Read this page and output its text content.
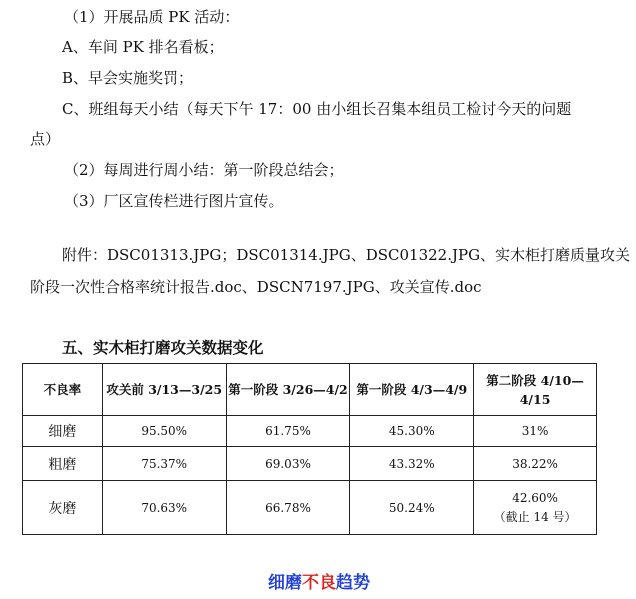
（1）开展品质 PK 活动：
A、车间 PK 排名看板；
B、早会实施奖罚；
C、班组每天小结（每天下午 17：00 由小组长召集本组员工检讨今天的问题
点）
（2）每周进行周小结：第一阶段总结会；
（3）厂区宣传栏进行图片宣传。
附件：DSC01313.JPG；DSC01314.JPG、DSC01322.JPG、实木柜打磨质量攻关
阶段一次性合格率统计报告.doc、DSCN7197.JPG、攻关宣传.doc
五、实木柜打磨攻关数据变化
不良率	攻关前 3/13—3/25	第一阶段 3/26—4/2	第一阶段 4/3—4/9	第二阶段 4/10—4/15
细磨	95.50%	61.75%	45.30%	31%
粗磨	75.37%	69.03%	43.32%	38.22%
灰磨	70.63%	66.78%	50.24%	42.60%
（截止 14 号）
细磨不良趋势
